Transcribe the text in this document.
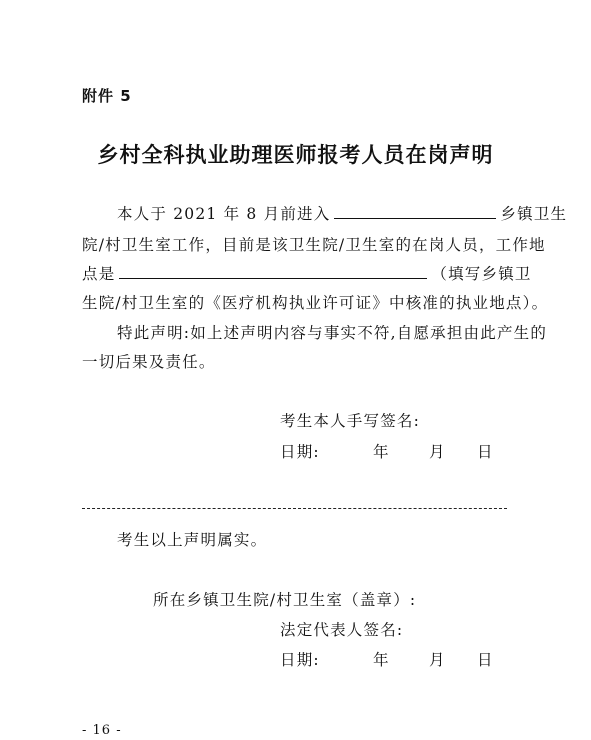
附件 5
乡村全科执业助理医师报考人员在岗声明
本人于 2021 年 8 月前进入	乡镇卫生
院/村卫生室工作，目前是该卫生院/卫生室的在岗人员，工作地
点是	（填写乡镇卫
生院/村卫生室的《医疗机构执业许可证》中核准的执业地点）。
特此声明:如上述声明内容与事实不符,自愿承担由此产生的
一切后果及责任。
考生本人手写签名:
日期:	年	月 日
考生以上声明属实。
所在乡镇卫生院/村卫生室（盖章）:
法定代表人签名:
日期:	年	月 日
- 16 -
